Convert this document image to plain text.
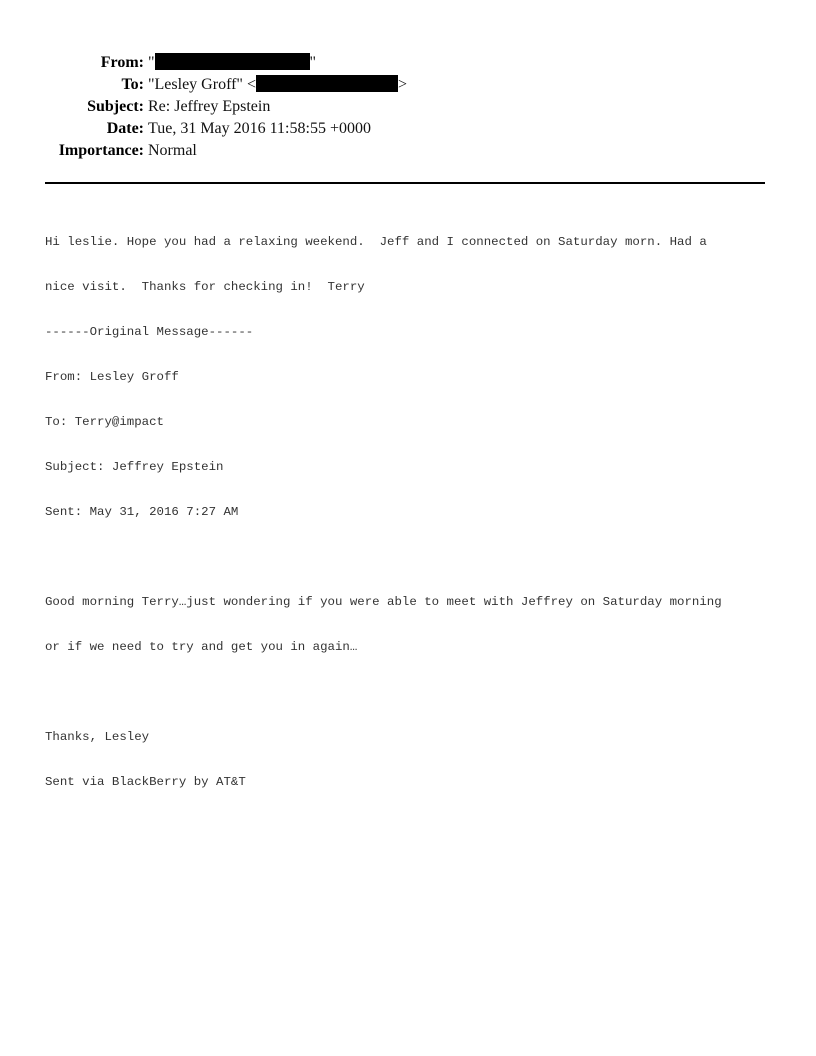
From: "	"
To: "Lesley Groff" <	>
Subject: Re: Jeffrey Epstein
Date: Tue, 31 May 2016 11:58:55 +0000
Importance: Normal

Hi leslie. Hope you had a relaxing weekend.  Jeff and I connected on Saturday morn. Had a

nice visit.  Thanks for checking in!  Terry

------Original Message------

From: Lesley Groff

To: Terry@impact

Subject: Jeffrey Epstein

Sent: May 31, 2016 7:27 AM

Good morning Terry…just wondering if you were able to meet with Jeffrey on Saturday morning

or if we need to try and get you in again…

Thanks, Lesley

Sent via BlackBerry by AT&T
